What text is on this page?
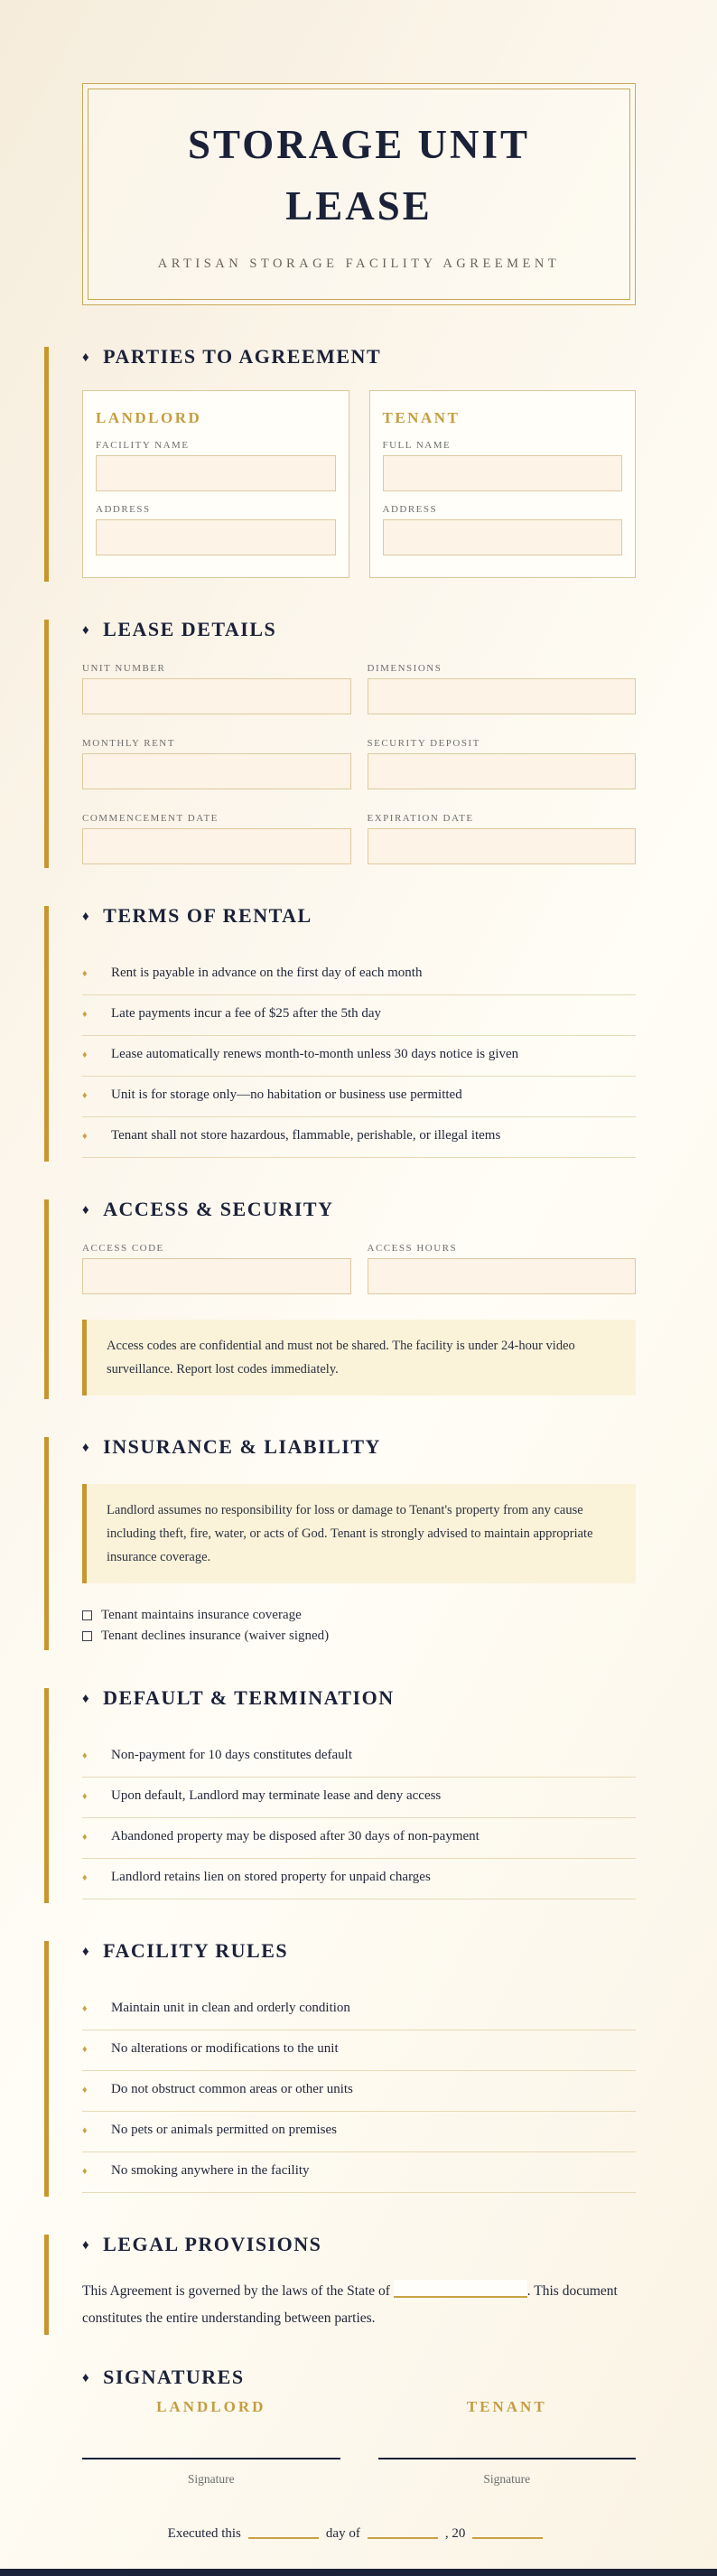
STORAGE UNIT LEASE
ARTISAN STORAGE FACILITY AGREEMENT
♦ PARTIES TO AGREEMENT
LANDLORD
FACILITY NAME
ADDRESS
TENANT
FULL NAME
ADDRESS
♦ LEASE DETAILS
UNIT NUMBER	DIMENSIONS
MONTHLY RENT	SECURITY DEPOSIT
COMMENCEMENT DATE	EXPIRATION DATE
♦ TERMS OF RENTAL
♦	Rent is payable in advance on the first day of each month
♦	Late payments incur a fee of $25 after the 5th day
♦	Lease automatically renews month-to-month unless 30 days notice is given
♦	Unit is for storage only—no habitation or business use permitted
♦	Tenant shall not store hazardous, flammable, perishable, or illegal items
♦ ACCESS & SECURITY
ACCESS CODE	ACCESS HOURS
Access codes are confidential and must not be shared. The facility is under 24-hour video surveillance. Report lost codes immediately.
♦ INSURANCE & LIABILITY
Landlord assumes no responsibility for loss or damage to Tenant's property from any cause including theft, fire, water, or acts of God. Tenant is strongly advised to maintain appropriate insurance coverage.
Tenant maintains insurance coverage
Tenant declines insurance (waiver signed)
♦ DEFAULT & TERMINATION
♦	Non-payment for 10 days constitutes default
♦	Upon default, Landlord may terminate lease and deny access
♦	Abandoned property may be disposed after 30 days of non-payment
♦	Landlord retains lien on stored property for unpaid charges
♦ FACILITY RULES
♦	Maintain unit in clean and orderly condition
♦	No alterations or modifications to the unit
♦	Do not obstruct common areas or other units
♦	No pets or animals permitted on premises
♦	No smoking anywhere in the facility
♦ LEGAL PROVISIONS

This Agreement is governed by the laws of the State of	. This document constitutes the entire understanding between parties.

♦ SIGNATURES
LANDLORD
Signature
TENANT
Signature
Executed this	day of	, 20
